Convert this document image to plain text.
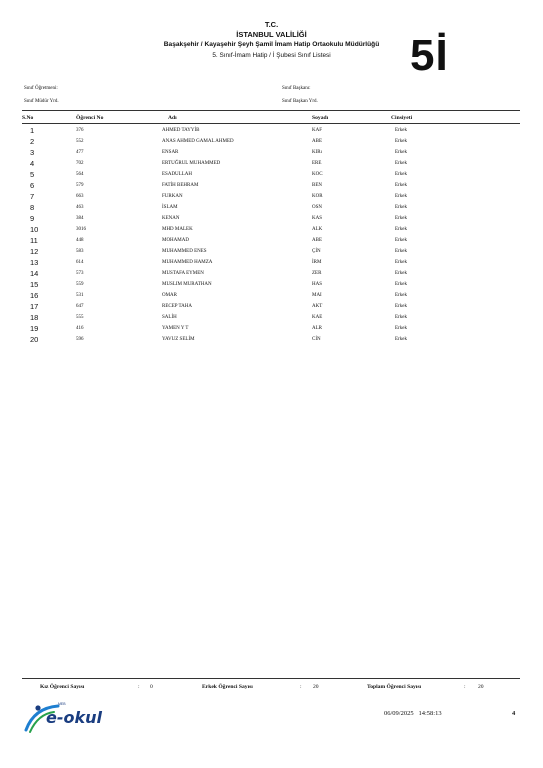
T.C.
İSTANBUL VALİLİĞİ
Başakşehir / Kayaşehir Şeyh Şamil İmam Hatip Ortaokulu Müdürlüğü
5. Sınıf-İmam Hatip / İ Şubesi Sınıf Listesi	5İ
Sınıf Öğretmeni:	Sınıf Başkanı:
Sınıf Müdür Yrd.	Sınıf Başkan Yrd.
S.No	Öğrenci No	Adı	Soyadı	Cinsiyeti
1	376	AHMED TAYYİB	KAF	Erkek
2	552	ANAS AHMED GAMAL AHMED	ABE	Erkek
3	477	ENSAR	KIRı	Erkek
4	702	ERTUĞRUL MUHAMMED	ERE	Erkek
5	564	ESADULLAH	KOC	Erkek
6	579	FATİH BEHRAM	BEN	Erkek
7	663	FURKAN	KOR	Erkek
8	463	İSLAM	OSN	Erkek
9	384	KENAN	KAS	Erkek
10	3016	MHD MALEK	ALK	Erkek
11	448	MOHAMAD	ABE	Erkek
12	583	MUHAMMED ENES	ÇİN	Erkek
13	614	MUHAMMED HAMZA	İRM	Erkek
14	573	MUSTAFA EYMEN	ZER	Erkek
15	559	MUSLIM MURATHAN	HAS	Erkek
16	531	OMAR	MAI	Erkek
17	647	RECEP TAHA	AKT	Erkek
18	555	SALİH	KAE	Erkek
19	416	YAMEN Y T	ALR	Erkek
20	596	YAVUZ SELİM	CİN	Erkek
Kız Öğrenci Sayısı	: 0	Erkek Öğrenci Sayısı	: 20	Toplam Öğrenci Sayısı	: 20
MEB
e-okul	06/09/2025 14:58:13	4
